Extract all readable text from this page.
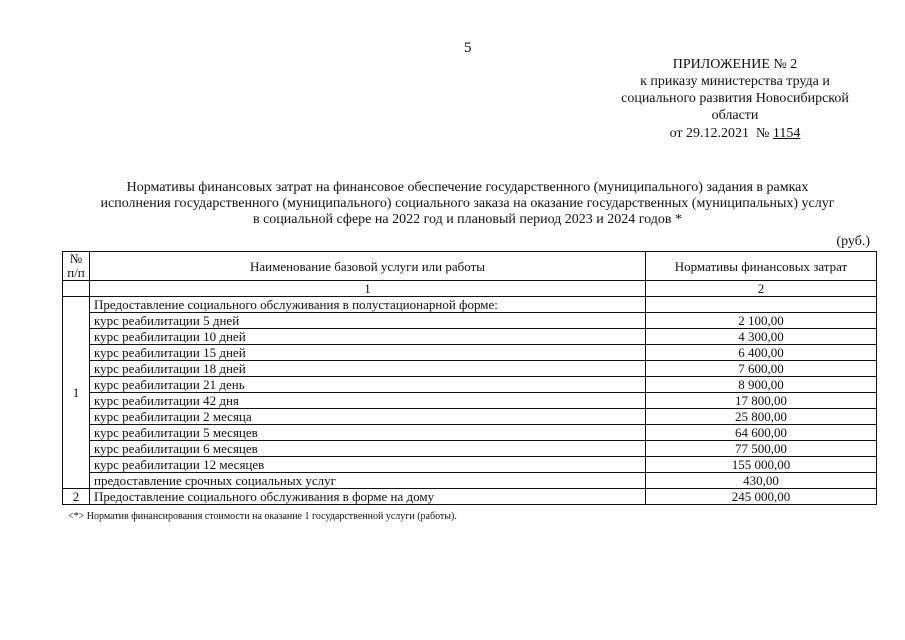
5
ПРИЛОЖЕНИЕ № 2
к приказу министерства труда и
социального развития Новосибирской
области
от 29.12.2021  № 1154
Нормативы финансовых затрат на финансовое обеспечение государственного (муниципального) задания в рамках
исполнения государственного (муниципального) социального заказа на оказание государственных (муниципальных) услуг
в социальной сфере на 2022 год и плановый период 2023 и 2024 годов *
(руб.)
№
п/п	Наименование базовой услуги или работы	Нормативы финансовых затрат
	1	2
1	Предоставление социального обслуживания в полустационарной форме:	
	курс реабилитации 5 дней	2 100,00
	курс реабилитации 10 дней	4 300,00
	курс реабилитации 15 дней	6 400,00
	курс реабилитации 18 дней	7 600,00
	курс реабилитации 21 день	8 900,00
	курс реабилитации 42 дня	17 800,00
	курс реабилитации 2 месяца	25 800,00
	курс реабилитации 5 месяцев	64 600,00
	курс реабилитации 6 месяцев	77 500,00
	курс реабилитации 12 месяцев	155 000,00
	предоставление срочных социальных услуг	430,00
2	Предоставление социального обслуживания в форме на дому	245 000,00
<*> Норматив финансирования стоимости на оказание 1 государственной услуги (работы).
